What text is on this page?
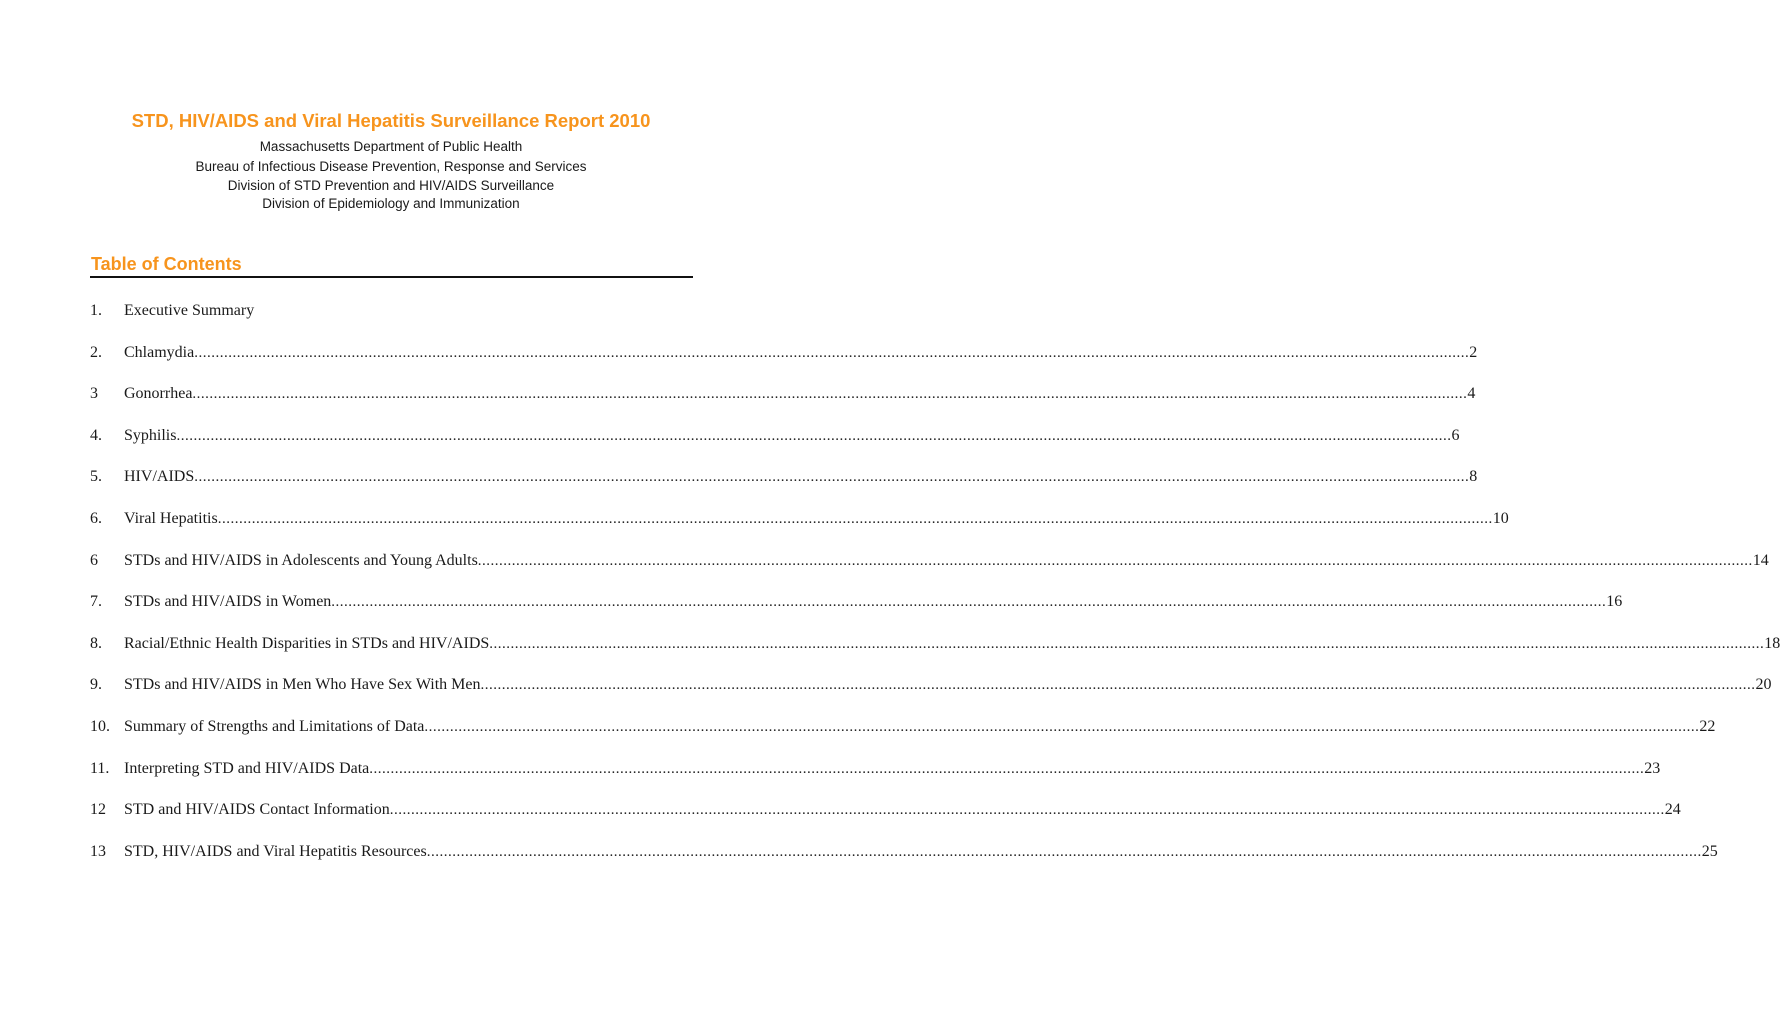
STD, HIV/AIDS and Viral Hepatitis Surveillance Report 2010
Massachusetts Department of Public Health
Bureau of Infectious Disease Prevention, Response and Services
Division of STD Prevention and HIV/AIDS Surveillance
Division of Epidemiology and Immunization
Table of Contents
1.	Executive Summary
2.	Chlamydia ............................................................................................................................................................................................................................................................................................................ 2
3	Gonorrhea ............................................................................................................................................................................................................................................................................................................ 4
4.	Syphilis ............................................................................................................................................................................................................................................................................................................ 6
5.	HIV/AIDS ............................................................................................................................................................................................................................................................................................................ 8
6.	Viral Hepatitis ............................................................................................................................................................................................................................................................................................................ 10
6	STDs and HIV/AIDS in Adolescents and Young Adults ............................................................................................................................................................................................................................................................................................................ 14
7.	STDs and HIV/AIDS in Women ............................................................................................................................................................................................................................................................................................................ 16
8.	Racial/Ethnic Health Disparities in STDs and HIV/AIDS ............................................................................................................................................................................................................................................................................................................ 18
9.	STDs and HIV/AIDS in Men Who Have Sex With Men ............................................................................................................................................................................................................................................................................................................ 20
10. Summary of Strengths and Limitations of Data ............................................................................................................................................................................................................................................................................................................ 22
11. Interpreting STD and HIV/AIDS Data ............................................................................................................................................................................................................................................................................................................ 23
12	STD and HIV/AIDS Contact Information ............................................................................................................................................................................................................................................................................................................ 24
13	STD, HIV/AIDS and Viral Hepatitis Resources ............................................................................................................................................................................................................................................................................................................ 25
